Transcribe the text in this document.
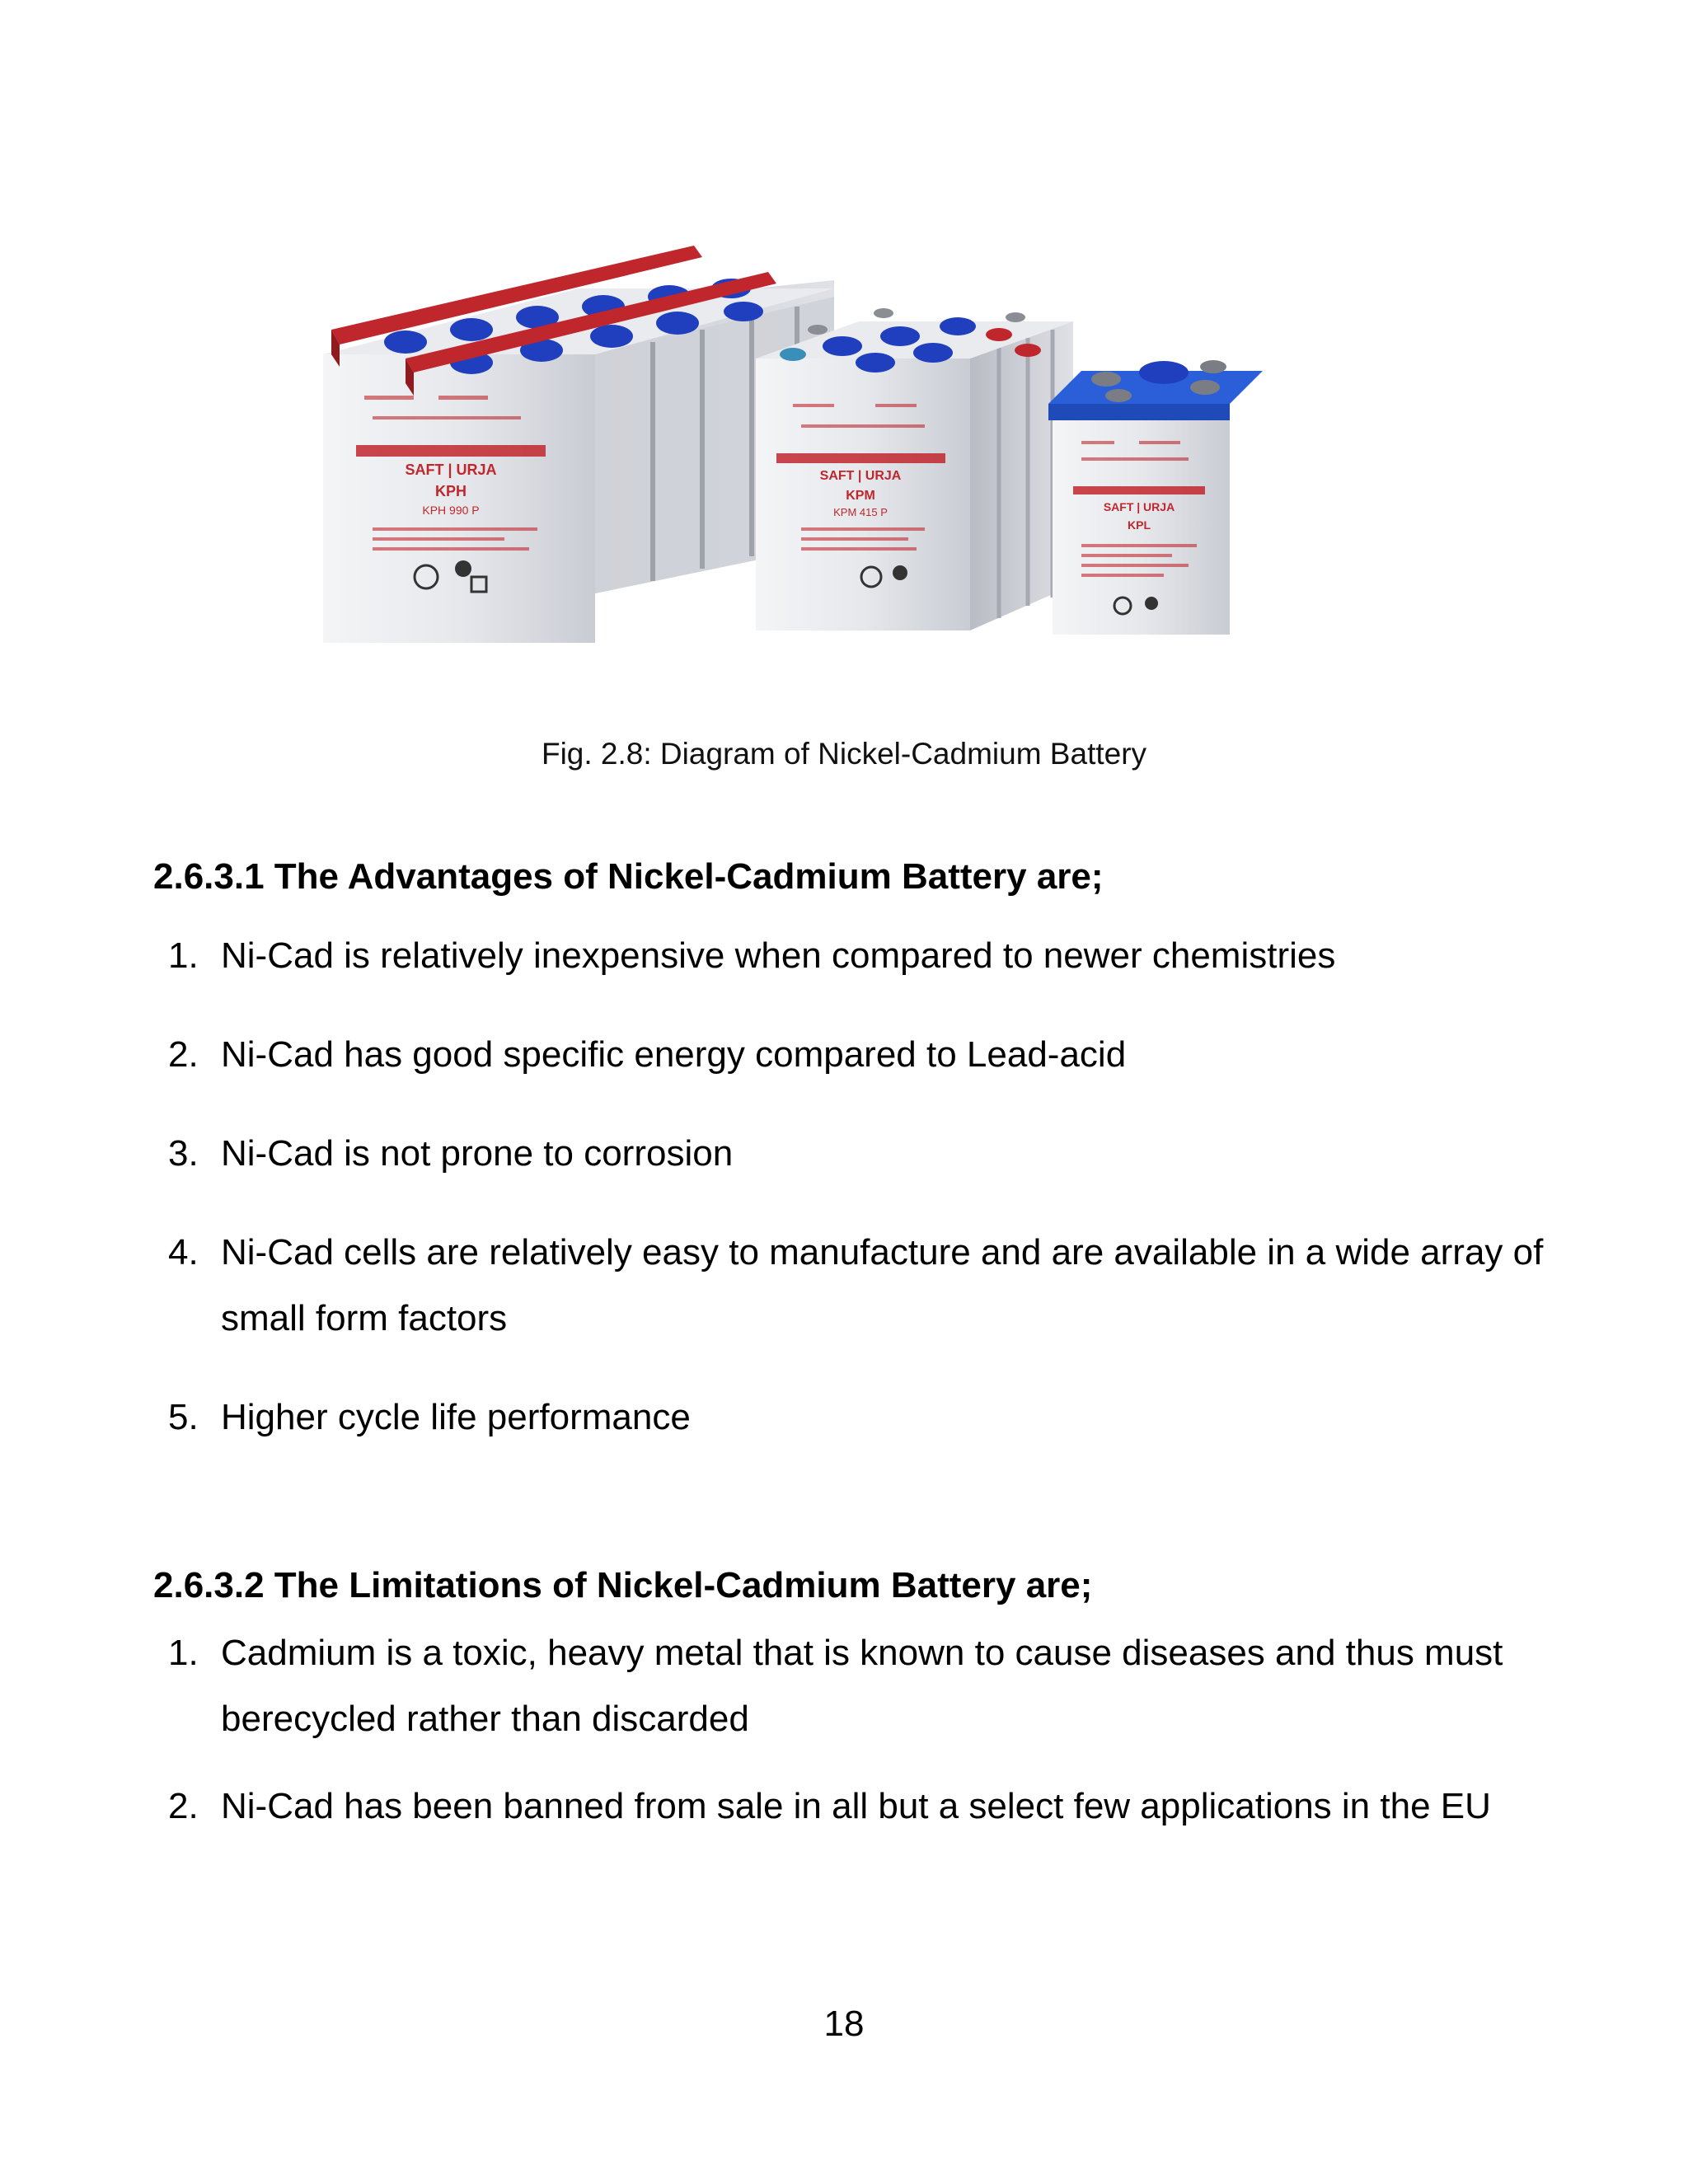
SAFT | URJA
KPH
KPH 990 P
SAFT | URJA
KPM
KPM 415 P	SAFT | URJA
KPL
Fig. 2.8: Diagram of Nickel-Cadmium Battery
2.6.3.1 The Advantages of Nickel-Cadmium Battery are;
1. Ni-Cad is relatively inexpensive when compared to newer chemistries
2. Ni-Cad has good specific energy compared to Lead-acid
3. Ni-Cad is not prone to corrosion
4. Ni-Cad cells are relatively easy to manufacture and are available in a wide array of small form factors
5. Higher cycle life performance
2.6.3.2 The Limitations of Nickel-Cadmium Battery are;
1. Cadmium is a toxic, heavy metal that is known to cause diseases and thus must berecycled rather than discarded
2. Ni-Cad has been banned from sale in all but a select few applications in the EU
18
